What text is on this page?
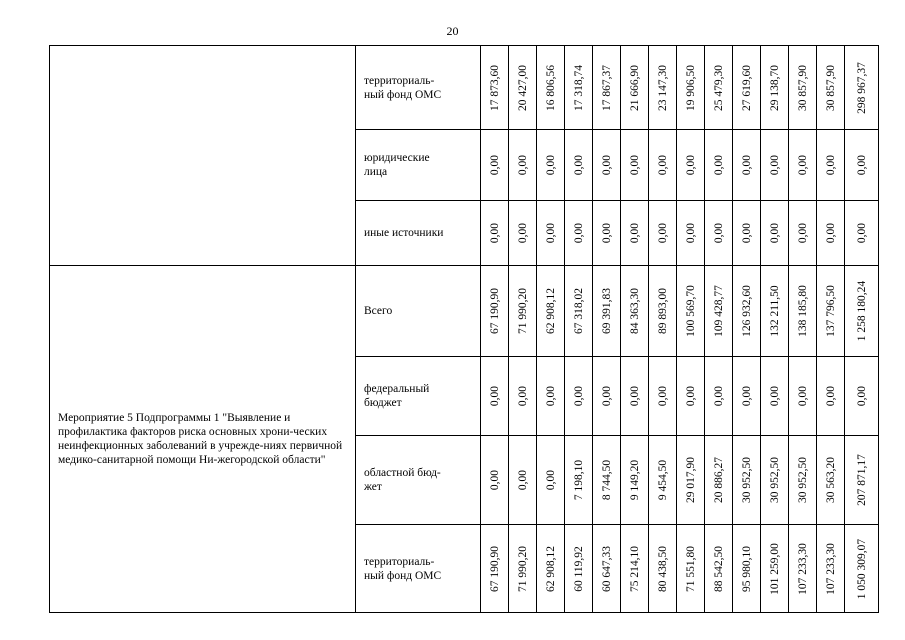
20
	территориаль-
ный фонд ОМС	17 873,60	20 427,00	16 806,56	17 318,74	17 867,37	21 666,90	23 147,30	19 906,50	25 479,30	27 619,60	29 138,70	30 857,90	30 857,90	298 967,37

	юридические
лица	0,00	0,00	0,00	0,00	0,00	0,00	0,00	0,00	0,00	0,00	0,00	0,00	0,00	0,00

	иные источники	0,00	0,00	0,00	0,00	0,00	0,00	0,00	0,00	0,00	0,00	0,00	0,00	0,00	0,00

Мероприятие 5 Подпрограммы 1 "Выявление и профилактика факторов риска основных хрони-ческих неинфекционных заболеваний в учрежде-ниях первичной медико-санитарной помощи Ни-жегородской области"	Всего	67 190,90	71 990,20	62 908,12	67 318,02	69 391,83	84 363,30	89 893,00	100 569,70	109 428,77	126 932,60	132 211,50	138 185,80	137 796,50	1 258 180,24

	федеральный
бюджет	0,00	0,00	0,00	0,00	0,00	0,00	0,00	0,00	0,00	0,00	0,00	0,00	0,00	0,00

	областной бюд-
жет	0,00	0,00	0,00	7 198,10	8 744,50	9 149,20	9 454,50	29 017,90	20 886,27	30 952,50	30 952,50	30 952,50	30 563,20	207 871,17

	территориаль-
ный фонд ОМС	67 190,90	71 990,20	62 908,12	60 119,92	60 647,33	75 214,10	80 438,50	71 551,80	88 542,50	95 980,10	101 259,00	107 233,30	107 233,30	1 050 309,07
